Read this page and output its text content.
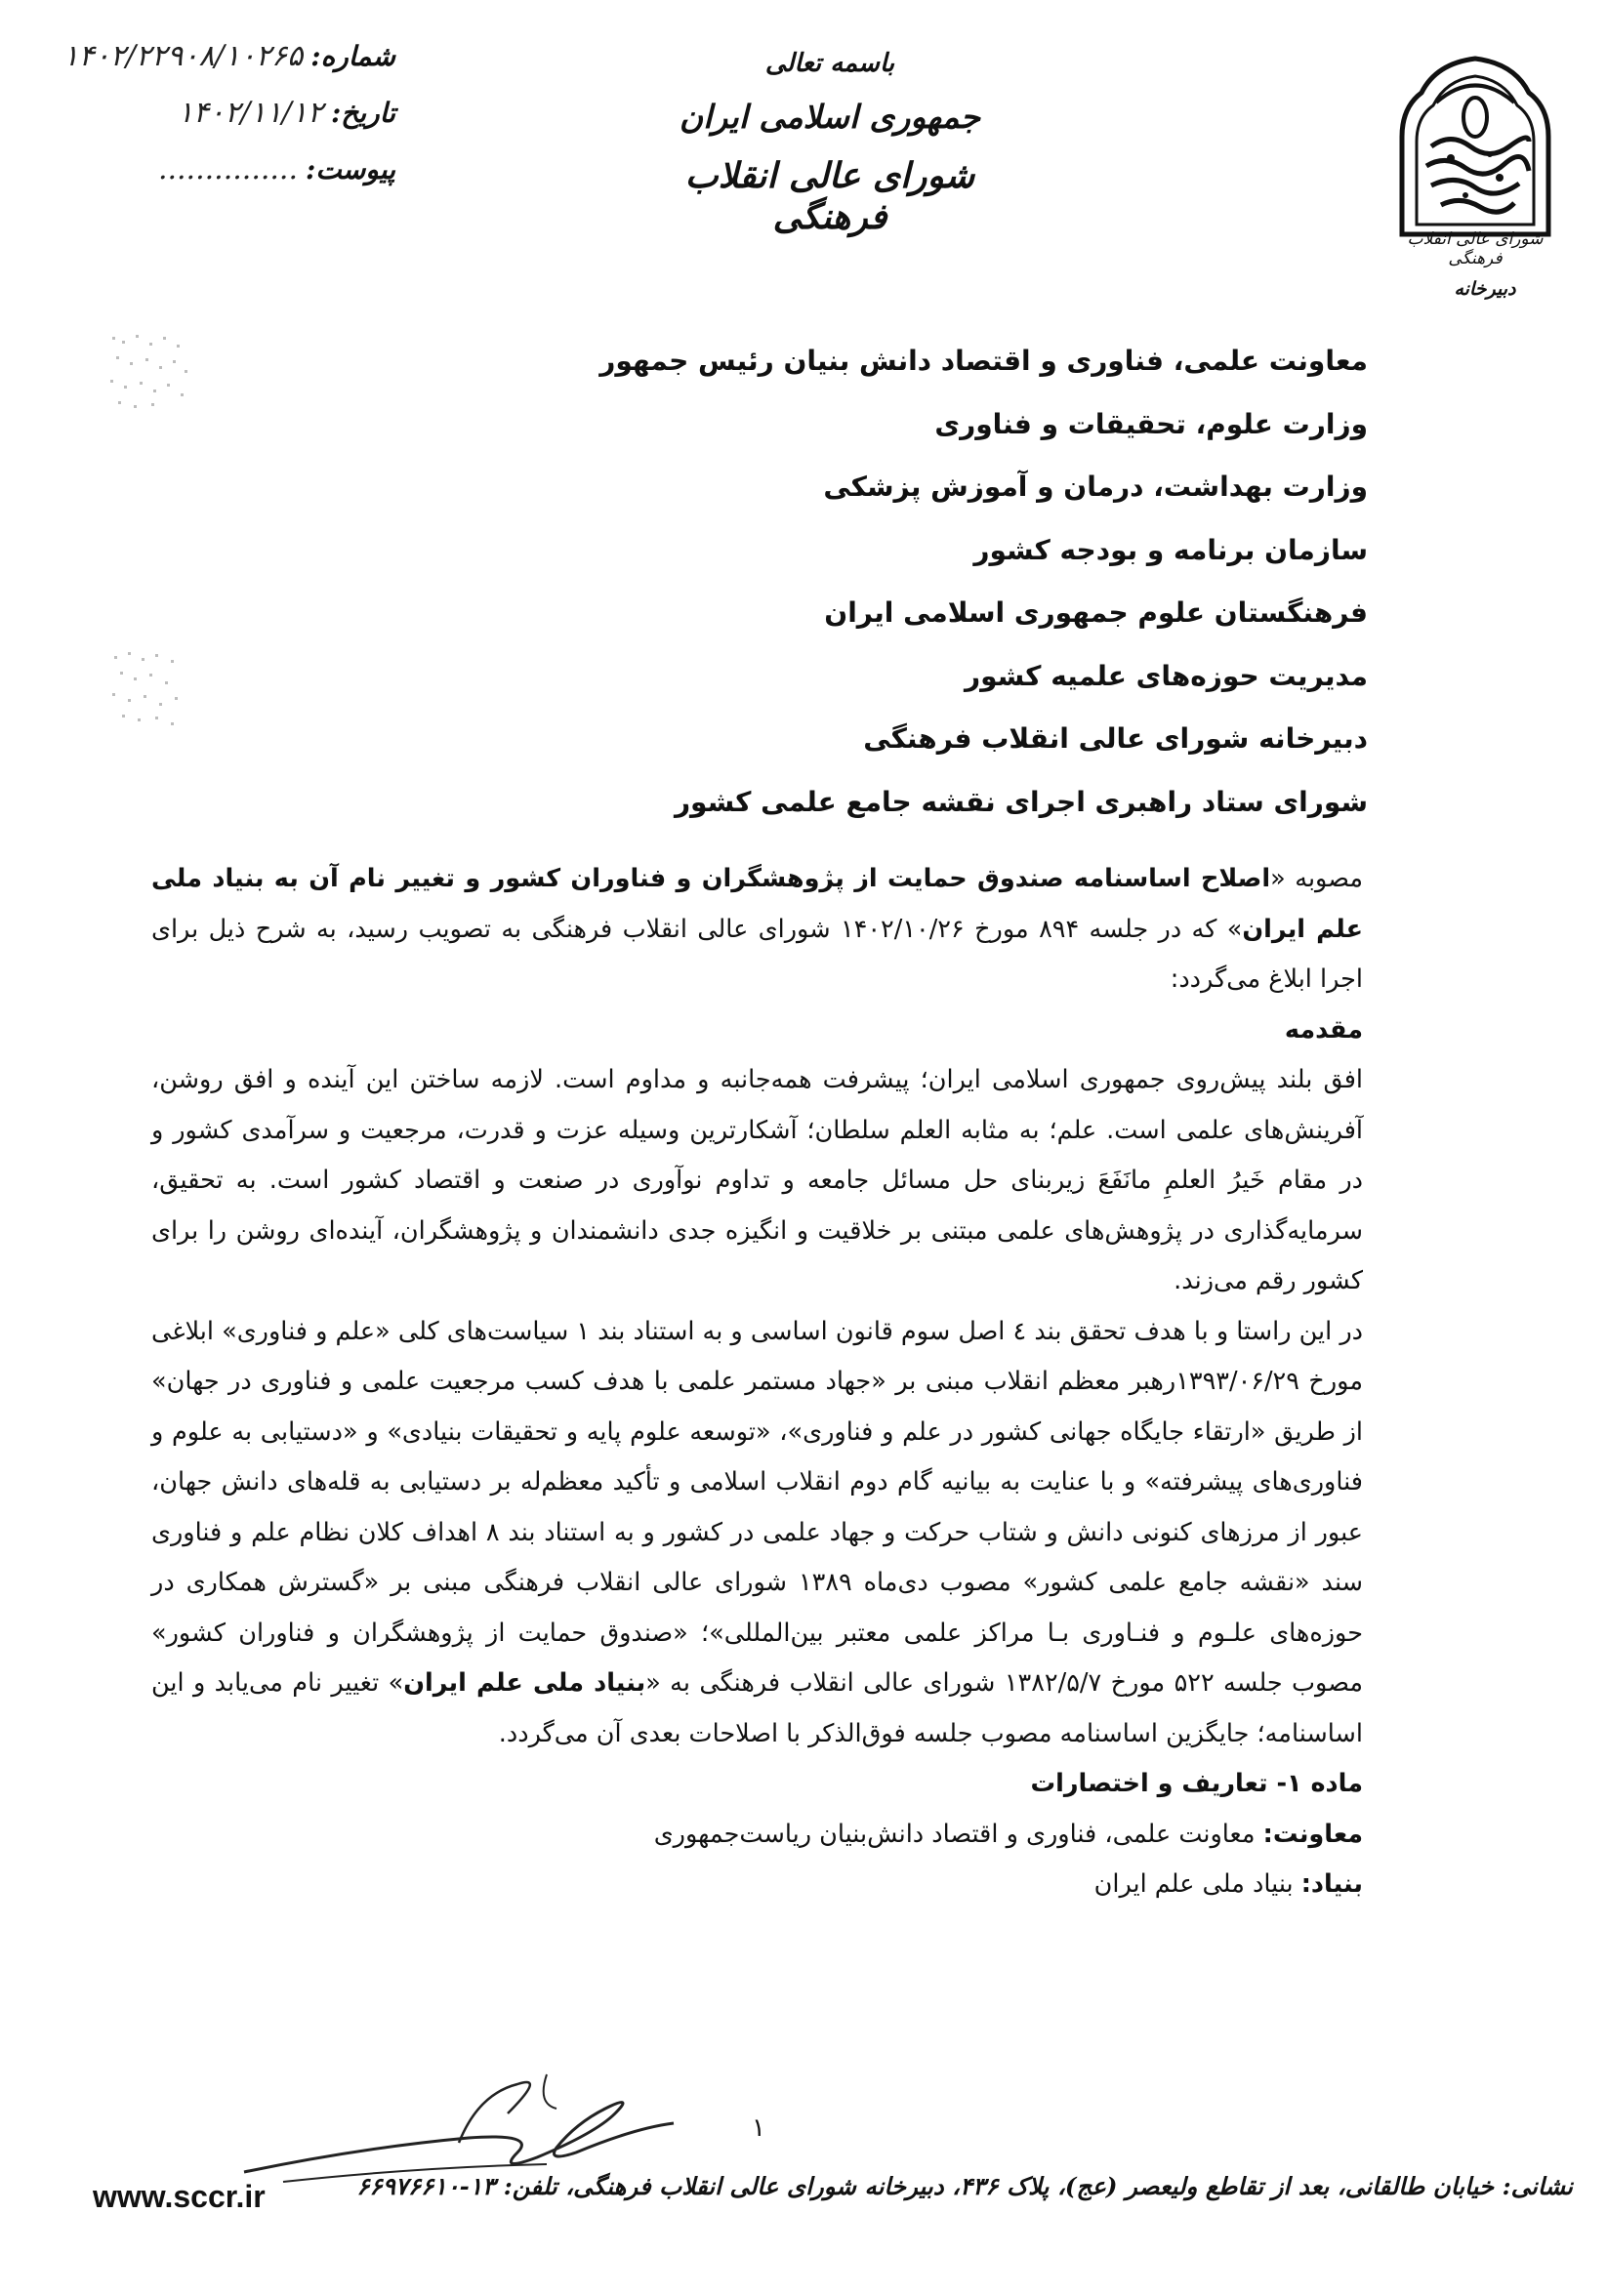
شورای عالی انقلاب فرهنگی
دبیرخانه
باسمه تعالی
جمهوری اسلامی ایران
شورای عالی انقلاب فرهنگی
شماره:
۱۴۰۲/۲۲۹۰۸/۱۰۲۶۵
تاریخ:
۱۴۰۲/۱۱/۱۲
پیوست:
...............
معاونت علمی، فناوری و اقتصاد دانش بنیان رئیس جمهور
وزارت علوم، تحقیقات و فناوری
وزارت بهداشت، درمان و آموزش پزشکی
سازمان برنامه و بودجه کشور
فرهنگستان علوم جمهوری اسلامی ایران
مدیریت حوزه‌های علمیه کشور
دبیرخانه شورای عالی انقلاب فرهنگی
شورای ستاد راهبری اجرای نقشه جامع علمی کشور

مصوبه «اصلاح اساسنامه صندوق حمایت از پژوهشگران و فناوران کشور و تغییر نام آن به بنیاد ملی علم ایران» که در جلسه ۸۹۴ مورخ ۱۴۰۲/۱۰/۲۶ شورای عالی انقلاب فرهنگی به تصویب رسید، به شرح ذیل برای اجرا ابلاغ می‌گردد:

مقدمه

افق بلند پیش‌روی جمهوری اسلامی ایران؛ پیشرفت همه‌جانبه و مداوم است. لازمه ساختن این آینده و افق روشن، آفرینش‌های علمی است. علم؛ به مثابه العلم سلطان؛ آشکارترین وسیله عزت و قدرت، مرجعیت و سرآمدی کشور و در مقام خَیرُ العلمِ مانَفَعَ زیربنای حل مسائل جامعه و تداوم نوآوری در صنعت و اقتصاد کشور است. به تحقیق، سرمایه‌گذاری در پژوهش‌های علمی مبتنی بر خلاقیت و انگیزه جدی دانشمندان و پژوهشگران، آینده‌ای روشن را برای کشور رقم می‌زند.

در این راستا و با هدف تحقق بند ٤ اصل سوم قانون اساسی و به استناد بند ۱ سیاست‌های کلی «علم و فناوری» ابلاغی مورخ ۱۳۹۳/۰۶/۲۹رهبر معظم انقلاب مبنی بر «جهاد مستمر علمی با هدف کسب مرجعیت علمی و فناوری در جهان» از طریق «ارتقاء جایگاه جهانی کشور در علم و فناوری»، «توسعه علوم پایه و تحقیقات بنیادی» و «دستیابی به علوم و فناوری‌های پیشرفته» و با عنایت به بیانیه گام دوم انقلاب اسلامی و تأکید معظم‌له بر دستیابی به قله‌های دانش جهان، عبور از مرزهای کنونی دانش و شتاب حرکت و جهاد علمی در کشور و به استناد بند ۸ اهداف کلان نظام علم و فناوری سند «نقشه جامع علمی کشور» مصوب دی‌ماه ۱۳۸۹ شورای عالی انقلاب فرهنگی مبنی بر «گسترش همکاری در حوزه‌های علـوم و فنـاوری بـا مراکز علمی معتبر بین‌المللی»؛ «صندوق حمایت از پژوهشگران و فناوران کشور» مصوب جلسه ۵۲۲ مورخ ۱۳۸۲/۵/۷ شورای عالی انقلاب فرهنگی به «بنیاد ملی علم ایران» تغییر نام می‌یابد و این اساسنامه؛ جایگزین اساسنامه مصوب جلسه فوق‌الذکر با اصلاحات بعدی آن می‌گردد.

ماده ۱- تعاریف و اختصارات

معاونت: معاونت علمی، فناوری و اقتصاد دانش‌بنیان ریاست‌جمهوری

بنیاد: بنیاد ملی علم ایران

۱
www.sccr.ir	نشانی: خیابان طالقانی، بعد از تقاطع ولیعصر (عج)، پلاک ۴۳۶، دبیرخانه شورای عالی انقلاب فرهنگی، تلفن: ۱۳-۶۶۹۷۶۶۱۰
